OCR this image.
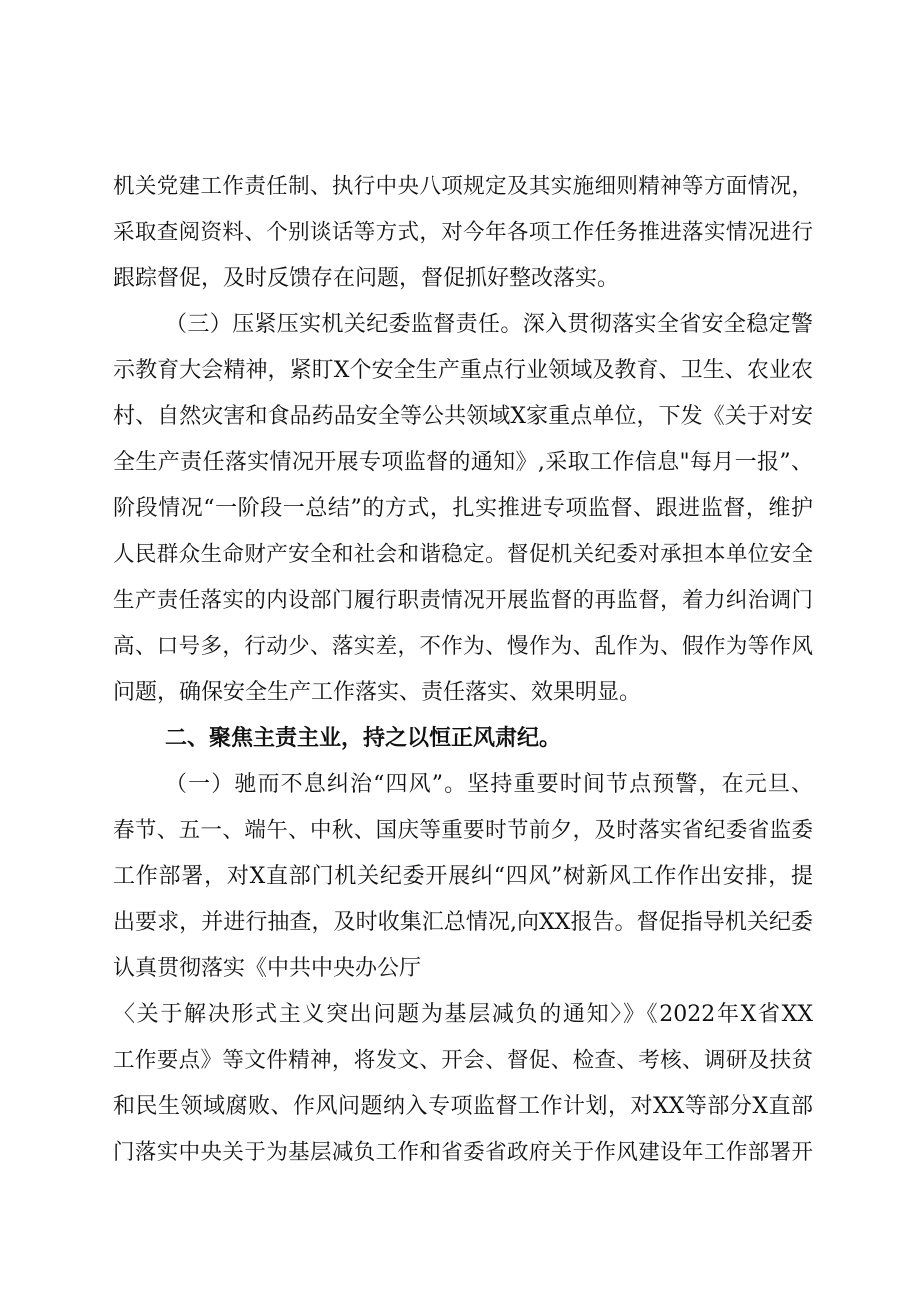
机关党建工作责任制、执行中央八项规定及其实施细则精神等方面情况，
采取查阅资料、个别谈话等方式，对今年各项工作任务推进落实情况进行
跟踪督促，及时反馈存在问题，督促抓好整改落实。
（三）压紧压实机关纪委监督责任。深入贯彻落实全省安全稳定警
示教育大会精神，紧盯X个安全生产重点行业领域及教育、卫生、农业农
村、自然灾害和食品药品安全等公共领域X家重点单位，下发《关于对安
全生产责任落实情况开展专项监督的通知》,采取工作信息"每月一报”、
阶段情况“一阶段一总结”的方式，扎实推进专项监督、跟进监督，维护
人民群众生命财产安全和社会和谐稳定。督促机关纪委对承担本单位安全
生产责任落实的内设部门履行职责情况开展监督的再监督，着力纠治调门
高、口号多，行动少、落实差，不作为、慢作为、乱作为、假作为等作风
问题，确保安全生产工作落实、责任落实、效果明显。
二、聚焦主责主业，持之以恒正风肃纪。
（一）驰而不息纠治“四风”。坚持重要时间节点预警，在元旦、
春节、五一、端午、中秋、国庆等重要时节前夕，及时落实省纪委省监委
工作部署，对X直部门机关纪委开展纠“四风”树新风工作作出安排，提
出要求，并进行抽查，及时收集汇总情况,向XX报告。督促指导机关纪委
认真贯彻落实《中共中央办公厅
〈关于解决形式主义突出问题为基层减负的通知〉》《2022年X省XX
工作要点》等文件精神，将发文、开会、督促、检查、考核、调研及扶贫
和民生领域腐败、作风问题纳入专项监督工作计划，对XX等部分X直部
门落实中央关于为基层减负工作和省委省政府关于作风建设年工作部署开
